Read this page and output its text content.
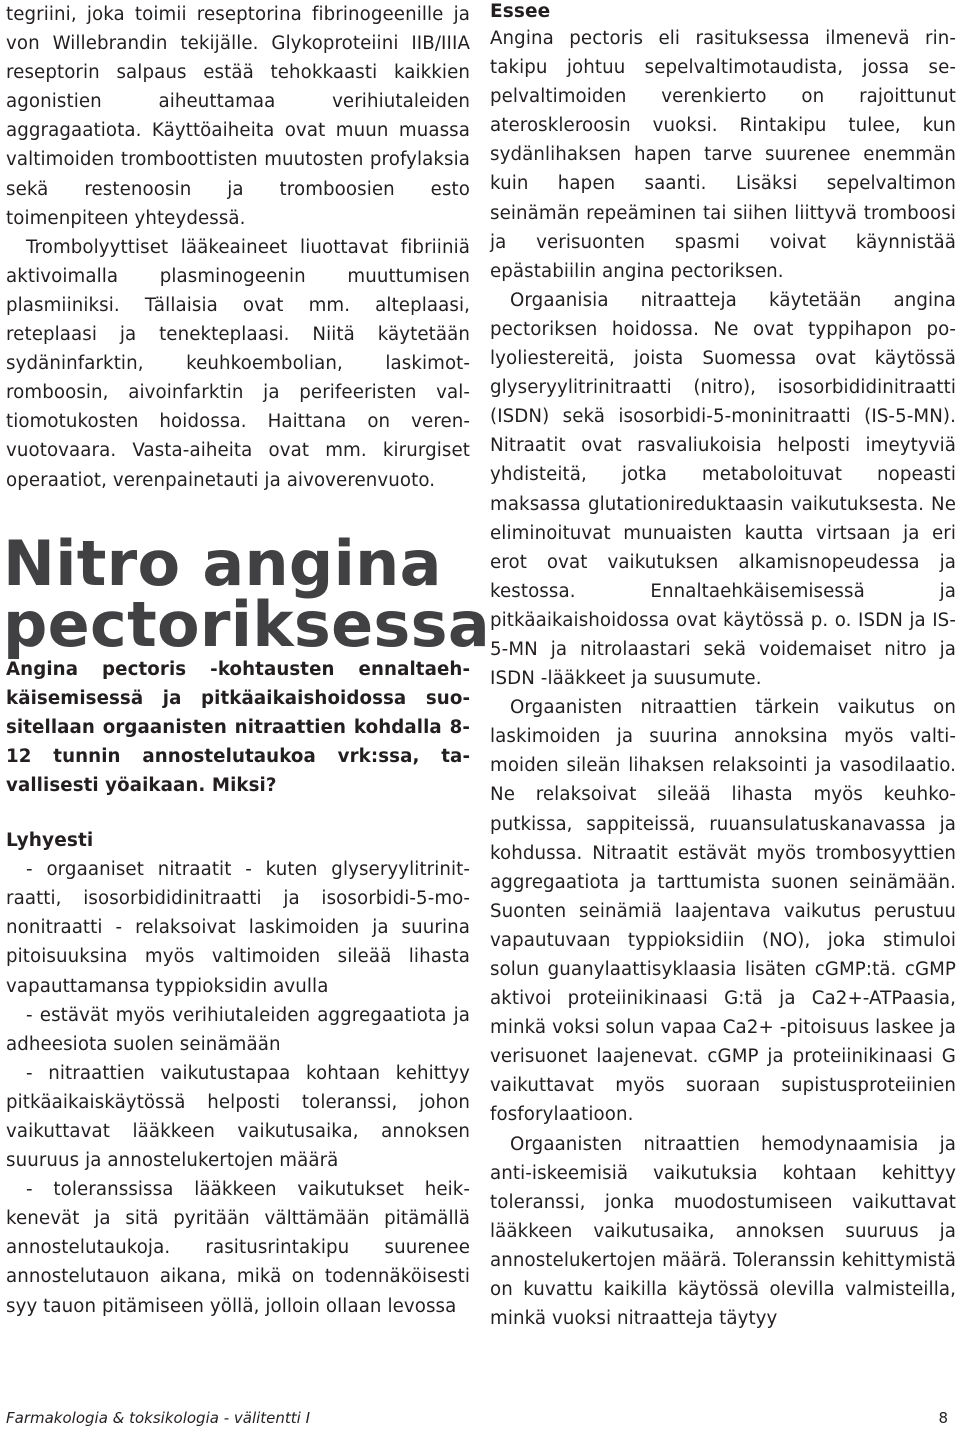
tegriini, joka toimii reseptorina fibrinogeenille ja von Willebrandin tekijälle. Glykoproteiini IIB/IIIA reseptorin salpaus estää tehokkaasti kaikkien agonistien aiheuttamaa verihiutaleiden aggragaatiota. Käyttöaiheita ovat muun muassa valtimoiden tromboottisten muutosten profylaksia sekä restenoosin ja tromboosien esto toimenpiteen yhteydessä.

Trombolyyttiset lääkeaineet liuottavat fibriiniä aktivoimalla plasminogeenin muuttumisen plasmiiniksi. Tällaisia ovat mm. alteplaasi, reteplaasi ja tenekteplaasi. Niitä käytetään sydäninfarktin, keuhkoembolian, laskimotromboosin, aivoinfarktin ja perifeeristen valtiomotukosten hoidossa. Haittana on verenvuotovaara. Vasta-aiheita ovat mm. kirurgiset operaatiot, verenpainetauti ja aivoverenvuoto.

Nitro angina pectoriksessa

Angina pectoris -kohtausten ennaltaehkäisemisessä ja pitkäaikaishoidossa suositellaan orgaanisten nitraattien kohdalla 8-12 tunnin annostelutaukoa vrk:ssa, tavallisesti yöaikaan. Miksi?

Lyhyesti

- orgaaniset nitraatit - kuten glyseryylitrinitraatti, isosorbididinitraatti ja isosorbidi-5-mononitraatti - relaksoivat laskimoiden ja suurina pitoisuuksina myös valtimoiden sileää lihasta vapauttamansa typpioksidin avulla

- estävät myös verihiutaleiden aggregaatiota ja adheesiota suolen seinämään

- nitraattien vaikutustapaa kohtaan kehittyy pitkäaikaiskäytössä helposti toleranssi, johon vaikuttavat lääkkeen vaikutusaika, annoksen suuruus ja annostelukertojen määrä

- toleranssissa lääkkeen vaikutukset heikkenevät ja sitä pyritään välttämään pitämällä annostelutaukoja. rasitusrintakipu suurenee annostelutauon aikana, mikä on todennäköisesti syy tauon pitämiseen yöllä, jolloin ollaan levossa

Essee

Angina pectoris eli rasituksessa ilmenevä rintakipu johtuu sepelvaltimotaudista, jossa sepelvaltimoiden verenkierto on rajoittunut ateroskleroosin vuoksi. Rintakipu tulee, kun sydänlihaksen hapen tarve suurenee enemmän kuin hapen saanti. Lisäksi sepelvaltimon seinämän repeäminen tai siihen liittyvä tromboosi ja verisuonten spasmi voivat käynnistää epästabiilin angina pectoriksen.

Orgaanisia nitraatteja käytetään angina pectoriksen hoidossa. Ne ovat typpihapon polyoliestereitä, joista Suomessa ovat käytössä glyseryylitrinitraatti (nitro), isosorbididinitraatti (ISDN) sekä isosorbidi-5-moninitraatti (IS-5-MN). Nitraatit ovat rasvaliukoisia helposti imeytyviä yhdisteitä, jotka metaboloituvat nopeasti maksassa glutationireduktaasin vaikutuksesta. Ne eliminoituvat munuaisten kautta virtsaan ja eri erot ovat vaikutuksen alkamisnopeudessa ja kestossa. Ennaltaehkäisemisessä ja pitkäaikaishoidossa ovat käytössä p. o. ISDN ja IS-5-MN ja nitrolaastari sekä voidemaiset nitro ja ISDN -lääkkeet ja suusumute.

Orgaanisten nitraattien tärkein vaikutus on laskimoiden ja suurina annoksina myös valtimoiden sileän lihaksen relaksointi ja vasodilaatio. Ne relaksoivat sileää lihasta myös keuhkoputkissa, sappiteissä, ruuansulatuskanavassa ja kohdussa. Nitraatit estävät myös trombosyyttien aggregaatiota ja tarttumista suonen seinämään. Suonten seinämiä laajentava vaikutus perustuu vapautuvaan typpioksidiin (NO), joka stimuloi solun guanylaattisyklaasia lisäten cGMP:tä. cGMP aktivoi proteiinikinaasi G:tä ja Ca2+-ATPaasia, minkä voksi solun vapaa Ca2+ -pitoisuus laskee ja verisuonet laajenevat. cGMP ja proteiinikinaasi G vaikuttavat myös suoraan supistusproteiinien fosforylaatioon.

Orgaanisten nitraattien hemodynaamisia ja anti-iskeemisiä vaikutuksia kohtaan kehittyy toleranssi, jonka muodostumiseen vaikuttavat lääkkeen vaikutusaika, annoksen suuruus ja annostelukertojen määrä. Toleranssin kehittymistä on kuvattu kaikilla käytössä olevilla valmisteilla, minkä vuoksi nitraatteja täytyy

Farmakologia & toksikologia - välitentti I	8
